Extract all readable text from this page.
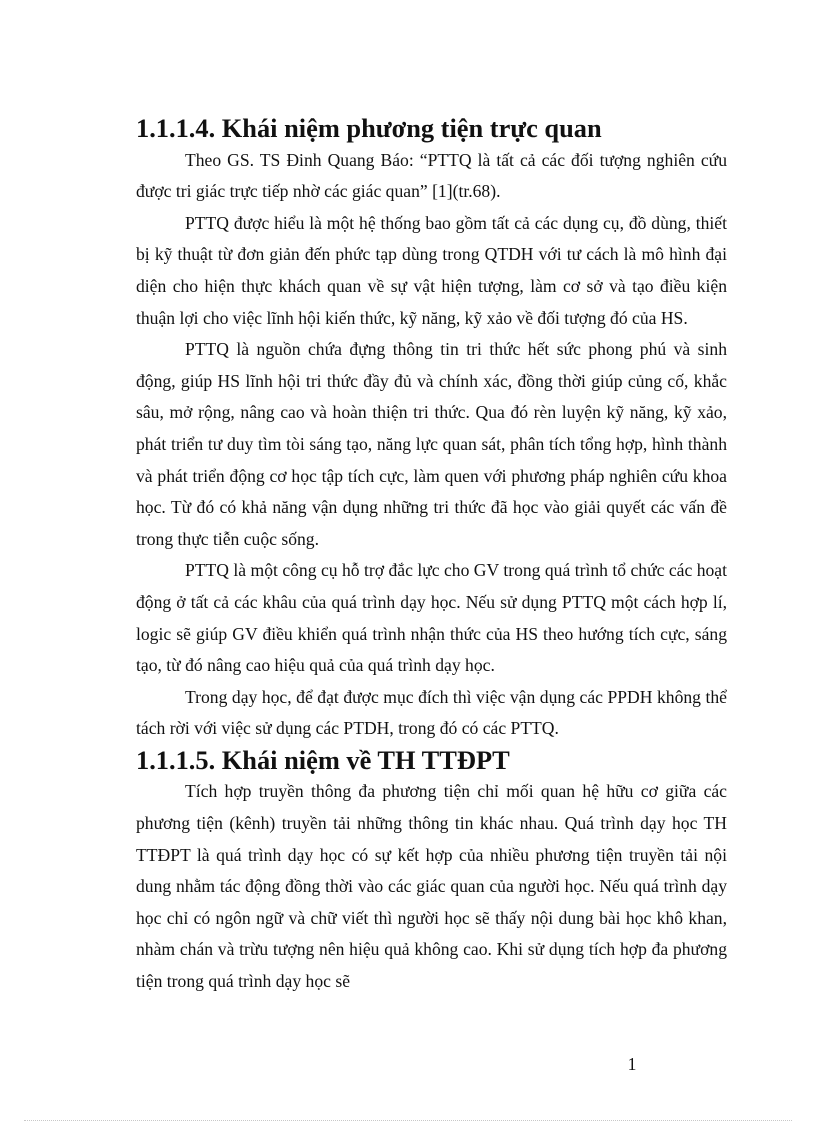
1.1.1.4. Khái niệm phương tiện trực quan

Theo GS. TS Đinh Quang Báo: “PTTQ là tất cả các đối tượng nghiên cứu được tri giác trực tiếp nhờ các giác quan” [1](tr.68).

PTTQ được hiểu là một hệ thống bao gồm tất cả các dụng cụ, đồ dùng, thiết bị kỹ thuật từ đơn giản đến phức tạp dùng trong QTDH với tư cách là mô hình đại diện cho hiện thực khách quan về sự vật hiện tượng, làm cơ sở và tạo điều kiện thuận lợi cho việc lĩnh hội kiến thức, kỹ năng, kỹ xảo về đối tượng đó của HS.

PTTQ là nguồn chứa đựng thông tin tri thức hết sức phong phú và sinh động, giúp HS lĩnh hội tri thức đầy đủ và chính xác, đồng thời giúp củng cố, khắc sâu, mở rộng, nâng cao và hoàn thiện tri thức. Qua đó rèn luyện kỹ năng, kỹ xảo, phát triển tư duy tìm tòi sáng tạo, năng lực quan sát, phân tích tổng hợp, hình thành và phát triển động cơ học tập tích cực, làm quen với phương pháp nghiên cứu khoa học. Từ đó có khả năng vận dụng những tri thức đã học vào giải quyết các vấn đề trong thực tiễn cuộc sống.

PTTQ là một công cụ hỗ trợ đắc lực cho GV trong quá trình tổ chức các hoạt động ở tất cả các khâu của quá trình dạy học. Nếu sử dụng PTTQ một cách hợp lí, logic sẽ giúp GV điều khiển quá trình nhận thức của HS theo hướng tích cực, sáng tạo, từ đó nâng cao hiệu quả của quá trình dạy học.

Trong dạy học, để đạt được mục đích thì việc vận dụng các PPDH không thể tách rời với việc sử dụng các PTDH, trong đó có các PTTQ.

1.1.1.5. Khái niệm về TH TTĐPT

Tích hợp truyền thông đa phương tiện chỉ mối quan hệ hữu cơ giữa các phương tiện (kênh) truyền tải những thông tin khác nhau. Quá trình dạy học TH TTĐPT là quá trình dạy học có sự kết hợp của nhiều phương tiện truyền tải nội dung nhằm tác động đồng thời vào các giác quan của người học. Nếu quá trình dạy học chỉ có ngôn ngữ và chữ viết thì người học sẽ thấy nội dung bài học khô khan, nhàm chán và trừu tượng nên hiệu quả không cao. Khi sử dụng tích hợp đa phương tiện trong quá trình dạy học sẽ

1
